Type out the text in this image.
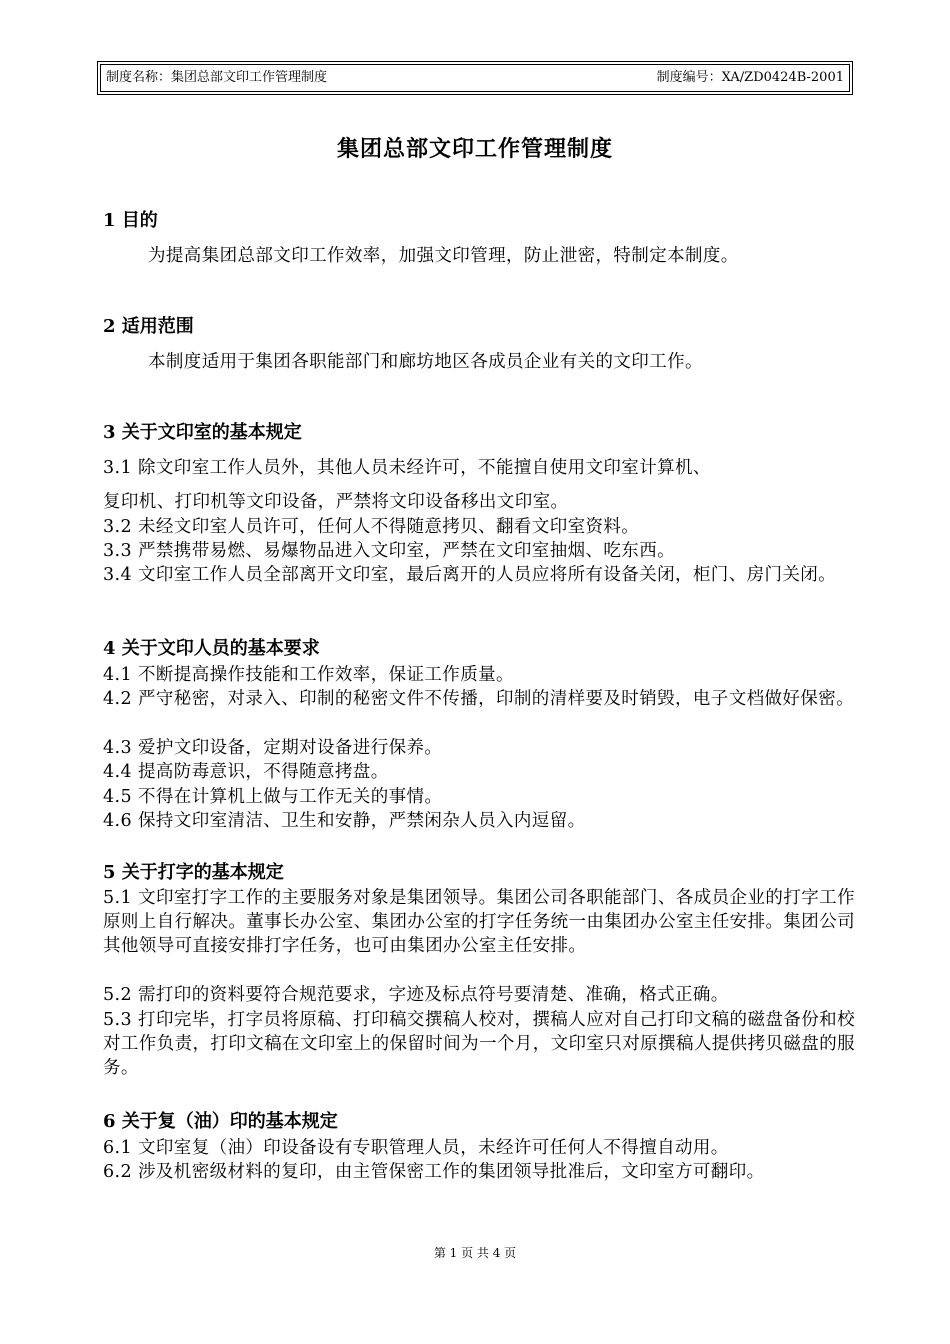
制度名称：集团总部文印工作管理制度	制度编号：XA/ZD0424B-2001
集团总部文印工作管理制度
1 目的
为提高集团总部文印工作效率，加强文印管理，防止泄密，特制定本制度。
2 适用范围
本制度适用于集团各职能部门和廊坊地区各成员企业有关的文印工作。
3 关于文印室的基本规定
3.1 除文印室工作人员外，其他人员未经许可，不能擅自使用文印室计算机、
复印机、打印机等文印设备，严禁将文印设备移出文印室。
3.2 未经文印室人员许可，任何人不得随意拷贝、翻看文印室资料。
3.3 严禁携带易燃、易爆物品进入文印室，严禁在文印室抽烟、吃东西。
3.4 文印室工作人员全部离开文印室，最后离开的人员应将所有设备关闭，柜门、房门关闭。
4 关于文印人员的基本要求
4.1 不断提高操作技能和工作效率，保证工作质量。
4.2 严守秘密，对录入、印制的秘密文件不传播，印制的清样要及时销毁，电子文档做好保密。
4.3 爱护文印设备，定期对设备进行保养。
4.4 提高防毒意识，不得随意拷盘。
4.5 不得在计算机上做与工作无关的事情。
4.6 保持文印室清洁、卫生和安静，严禁闲杂人员入内逗留。
5 关于打字的基本规定
5.1 文印室打字工作的主要服务对象是集团领导。集团公司各职能部门、各成员企业的打字工作原则上自行解决。董事长办公室、集团办公室的打字任务统一由集团办公室主任安排。集团公司其他领导可直接安排打字任务，也可由集团办公室主任安排。
5.2 需打印的资料要符合规范要求，字迹及标点符号要清楚、准确，格式正确。
5.3 打印完毕，打字员将原稿、打印稿交撰稿人校对，撰稿人应对自己打印文稿的磁盘备份和校对工作负责，打印文稿在文印室上的保留时间为一个月，文印室只对原撰稿人提供拷贝磁盘的服务。
6 关于复（油）印的基本规定
6.1 文印室复（油）印设备设有专职管理人员，未经许可任何人不得擅自动用。
6.2 涉及机密级材料的复印，由主管保密工作的集团领导批准后，文印室方可翻印。
第 1 页 共 4 页
